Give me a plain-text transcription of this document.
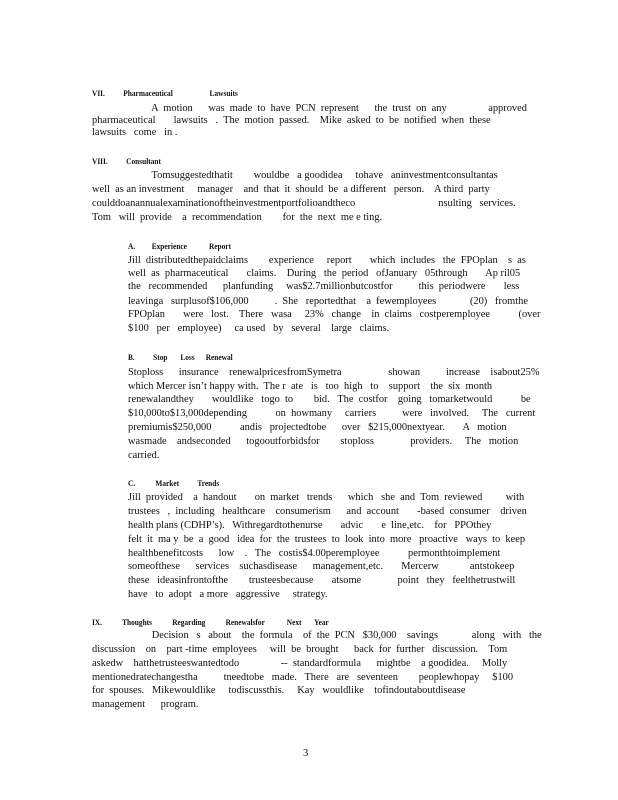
VII.          Pharmaceutical                    Lawsuits
A  motion      was  made  to  have  PCN  represent      the  trust  on  any                approved
pharmaceutical       lawsuits   .  The  motion  passed.    Mike  asked  to  be  notified  when  these
lawsuits   come   in .
VIII.          Consultant
Tomsuggestedthatit        wouldbe   a goodidea     tohave   aninvestmentconsultantas
well  as an investment     manager    and  that  it  should  be  a different   person.    A third  party
coulddoanannualexaminationoftheinvestmentportfolioandtheco                                nsulting   services.
Tom   will  provide    a  recommendation        for  the  next  me e ting.
A.         Experience            Report
Jill  distributedthepaidclaims        experience     report       which  includes   the  FPOplan    s  as
well  as  pharmaceutical       claims.    During   the  period   ofJanuary   05through       Ap ril05
the   recommended      planfunding     was$2.7millionbutcostfor          this  periodwere       less
leavinga   surplusof$106,000          .  She   reportedthat    a  fewemployees             (20)   fromthe
FPOplan       were   lost.    There   wasa     23%   change    in  claims   costperemployee           (over
$100   per   employee)     ca used   by   several    large   claims.
B.          Stop       Loss      Renewal
Stoploss      insurance    renewalpricesfromSymetra                  showan          increase    isabout25%
which Mercer isn’t happy with.  The r  ate   is   too  high   to    support    the  six  month
renewalandthey       wouldlike   togo  to        bid.   The  costfor    going   tomarketwould           be
$10,000to$13,000depending           on  howmany     carriers          were   involved.     The   current
premiumis$250,000           andis   projectedtobe      over   $215,000nextyear.       A   motion
wasmade    andseconded      togooutforbidsfor        stoploss              providers.     The   motion
carried.
C.           Market          Trends
Jill  provided    a  handout       on  market   trends      which   she  and  Tom  reviewed         with
trustees   ,  including   healthcare    consumerism      and  account       -based  consumer    driven
health plans (CDHP’s).   Withregardtothenurse       advic       e  line,etc.    for   PPOthey
felt  it  ma y  be  a  good   idea  for  the  trustees  to  look  into  more   proactive   ways  to  keep
healthbenefitcosts      low    .   The   costis$4.00peremployee           permonthtoimplement
someofthese      services    suchasdisease      management,etc.       Mercerw            antstokeep
these   ideasinfrontofthe        trusteesbecause       atsome              point   they   feelthetrustwill
have   to  adopt   a more   aggressive     strategy.
IX.           Thoughts           Regarding           Renewalsfor            Next       Year
Decision   s   about    the  formula    of  the  PCN   $30,000    savings             along   with   the
discussion    on    part -time  employees     will  be  brought      back  for  further   discussion.    Tom
askedw    hatthetrusteeswantedtodo                --  standardformula      mightbe    a goodidea.     Molly
mentionedratechangestha          tneedtobe   made.   There   are   seventeen        peoplewhopay     $100
for  spouses.   Mikewouldlike     todiscussthis.     Kay   wouldlike    tofindoutaboutdisease
management      program.
3
